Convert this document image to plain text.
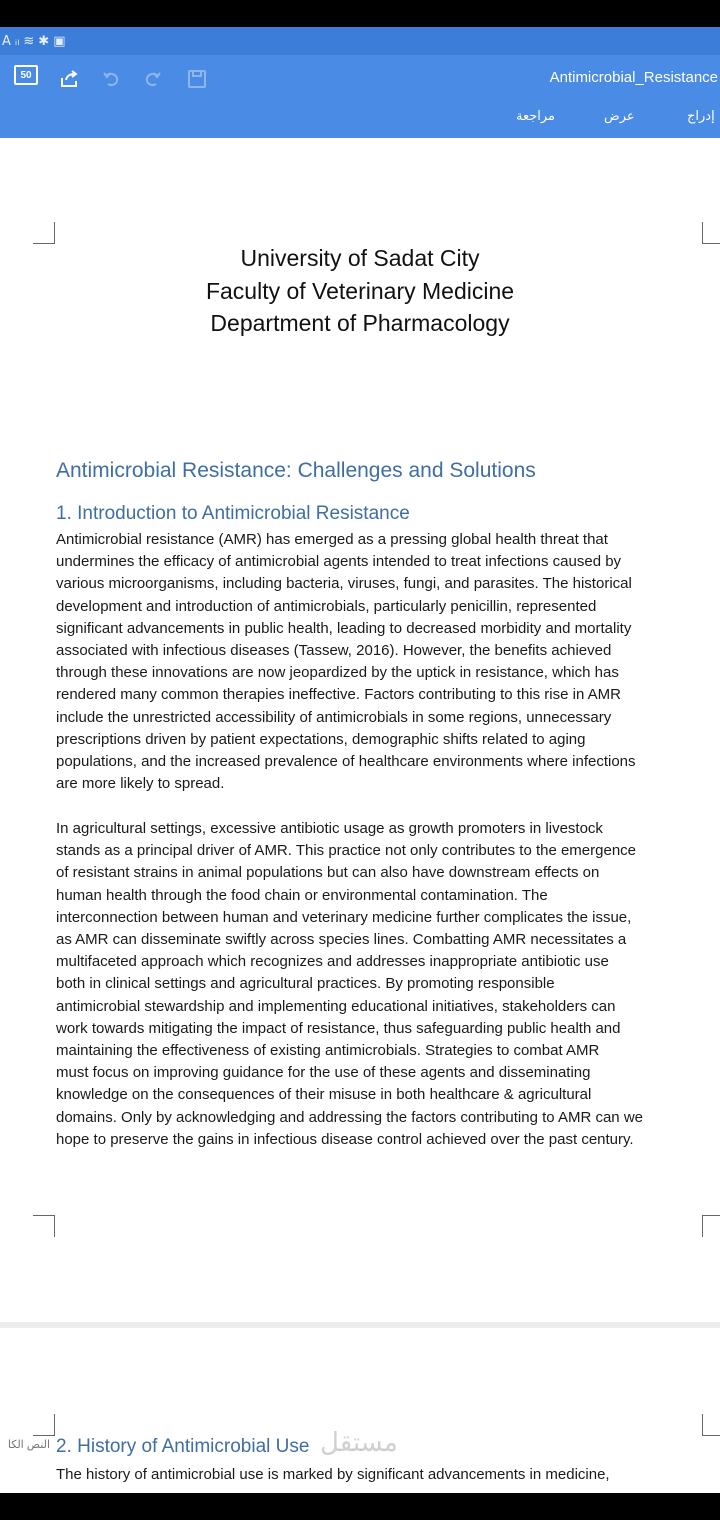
A ᵢₗ ≋ ✱ ▣
50	Antimicrobial_Resistance
إدراج
عرض
مراجعة
University of Sadat City
Faculty of Veterinary Medicine
Department of Pharmacology
Antimicrobial Resistance: Challenges and Solutions
1. Introduction to Antimicrobial Resistance
Antimicrobial resistance (AMR) has emerged as a pressing global health threat that
undermines the efficacy of antimicrobial agents intended to treat infections caused by
various microorganisms, including bacteria, viruses, fungi, and parasites. The historical
development and introduction of antimicrobials, particularly penicillin, represented
significant advancements in public health, leading to decreased morbidity and mortality
associated with infectious diseases (Tassew, 2016). However, the benefits achieved
through these innovations are now jeopardized by the uptick in resistance, which has
rendered many common therapies ineffective. Factors contributing to this rise in AMR
include the unrestricted accessibility of antimicrobials in some regions, unnecessary
prescriptions driven by patient expectations, demographic shifts related to aging
populations, and the increased prevalence of healthcare environments where infections
are more likely to spread.
In agricultural settings, excessive antibiotic usage as growth promoters in livestock
stands as a principal driver of AMR. This practice not only contributes to the emergence
of resistant strains in animal populations but can also have downstream effects on
human health through the food chain or environmental contamination. The
interconnection between human and veterinary medicine further complicates the issue,
as AMR can disseminate swiftly across species lines. Combatting AMR necessitates a
multifaceted approach which recognizes and addresses inappropriate antibiotic use
both in clinical settings and agricultural practices. By promoting responsible
antimicrobial stewardship and implementing educational initiatives, stakeholders can
work towards mitigating the impact of resistance, thus safeguarding public health and
maintaining the effectiveness of existing antimicrobials. Strategies to combat AMR
must focus on improving guidance for the use of these agents and disseminating
knowledge on the consequences of their misuse in both healthcare & agricultural
domains. Only by acknowledging and addressing the factors contributing to AMR can we
hope to preserve the gains in infectious disease control achieved over the past century.
النص الكا	مستقل
2. History of Antimicrobial Use
The history of antimicrobial use is marked by significant advancements in medicine,
